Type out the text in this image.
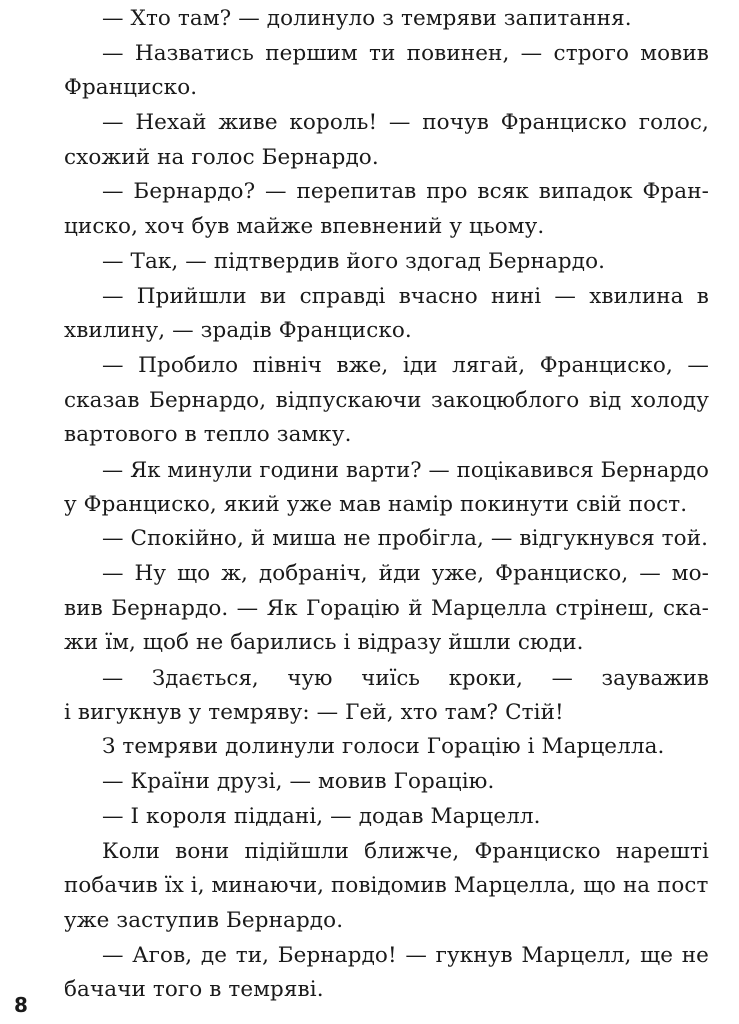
— Хто там? — долинуло з темряви запитання.
— Назватись першим ти повинен, — строго мовив
Франциско.
— Нехай живе король! — почув Франциско голос,
схожий на голос Бернардо.
— Бернардо? — перепитав про всяк випадок Фран-
циско, хоч був майже впевнений у цьому.
— Так, — підтвердив його здогад Бернардо.
— Прийшли ви справді вчасно нині — хвилина в
хвилину, — зрадів Франциско.
— Пробило північ вже, іди лягай, Франциско, —
сказав Бернардо, відпускаючи закоцюблого від холоду
вартового в тепло замку.
— Як минули години варти? — поцікавився Бернардо
у Франциско, який уже мав намір покинути свій пост.
— Спокійно, й миша не пробігла, — відгукнувся той.
— Ну що ж, добраніч, йди уже, Франциско, — мо-
вив Бернардо. — Як Горацію й Марцелла стрінеш, ска-
жи їм, щоб не барились і відразу йшли сюди.
— Здається, чую чиїсь кроки, — зауважив
і вигукнув у темряву: — Гей, хто там? Стій!
З темряви долинули голоси Горацію і Марцелла.
— Країни друзі, — мовив Горацію.
— І короля піддані, — додав Марцелл.
Коли вони підійшли ближче, Франциско нарешті
побачив їх і, минаючи, повідомив Марцелла, що на пост
уже заступив Бернардо.
— Агов, де ти, Бернардо! — гукнув Марцелл, ще не
бачачи того в темряві.
8
